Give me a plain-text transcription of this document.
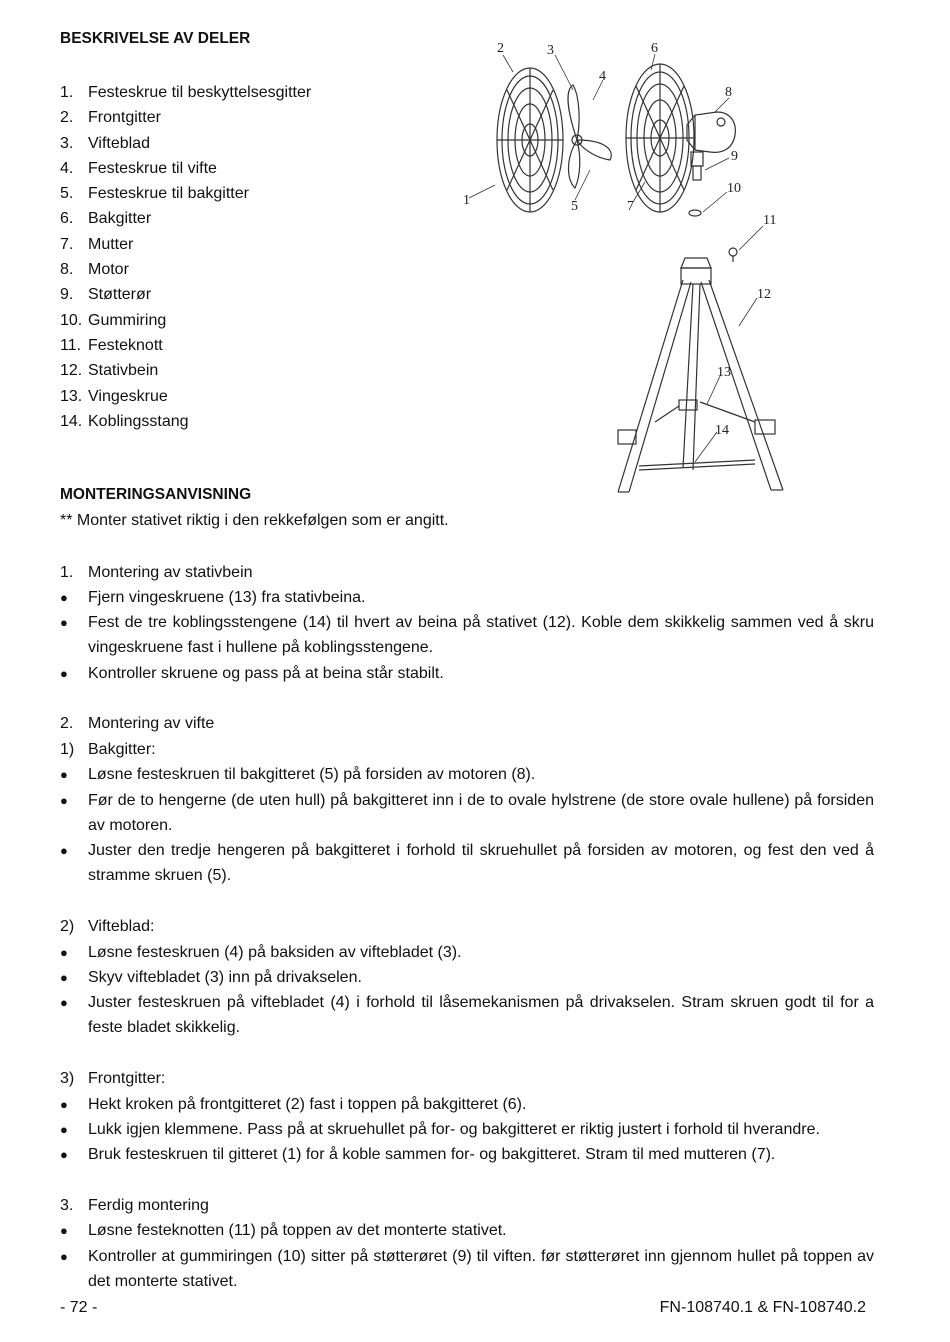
BESKRIVELSE AV DELER
1. Festeskrue til beskyttelsesgitter
2. Frontgitter
3. Vifteblad
4. Festeskrue til vifte
5. Festeskrue til bakgitter
6. Bakgitter
7. Mutter
8. Motor
9. Støtterør
10. Gummiring
11. Festeknott
12. Stativbein
13. Vingeskrue
14. Koblingsstang
1
2	3
4
5
6
7
8
9
10
11
12
13
14
MONTERINGSANVISNING
** Monter stativet riktig i den rekkefølgen som er angitt.
1. Montering av stativbein
● Fjern vingeskruene (13) fra stativbeina.
● Fest de tre koblingsstengene (14) til hvert av beina på stativet (12). Koble dem skikkelig sammen ved å skru vingeskruene fast i hullene på koblingsstengene.
● Kontroller skruene og pass på at beina står stabilt.
2. Montering av vifte
1) Bakgitter:
● Løsne festeskruen til bakgitteret (5) på forsiden av motoren (8).
● Før de to hengerne (de uten hull) på bakgitteret inn i de to ovale hylstrene (de store ovale hullene) på forsiden av motoren.
● Juster den tredje hengeren på bakgitteret i forhold til skruehullet på forsiden av motoren, og fest den ved å stramme skruen (5).
2) Vifteblad:
● Løsne festeskruen (4) på baksiden av viftebladet (3).
● Skyv viftebladet (3) inn på drivakselen.
● Juster festeskruen på viftebladet (4) i forhold til låsemekanismen på drivakselen. Stram skruen godt til for a feste bladet skikkelig.
3) Frontgitter:
● Hekt kroken på frontgitteret (2) fast i toppen på bakgitteret (6).
● Lukk igjen klemmene. Pass på at skruehullet på for- og bakgitteret er riktig justert i forhold til hverandre.
● Bruk festeskruen til gitteret (1) for å koble sammen for- og bakgitteret. Stram til med mutteren (7).
3. Ferdig montering
● Løsne festeknotten (11) på toppen av det monterte stativet.
● Kontroller at gummiringen (10) sitter på støtterøret (9) til viften. før støtterøret inn gjennom hullet på toppen av det monterte stativet.
- 72 -	FN-108740.1 & FN-108740.2
